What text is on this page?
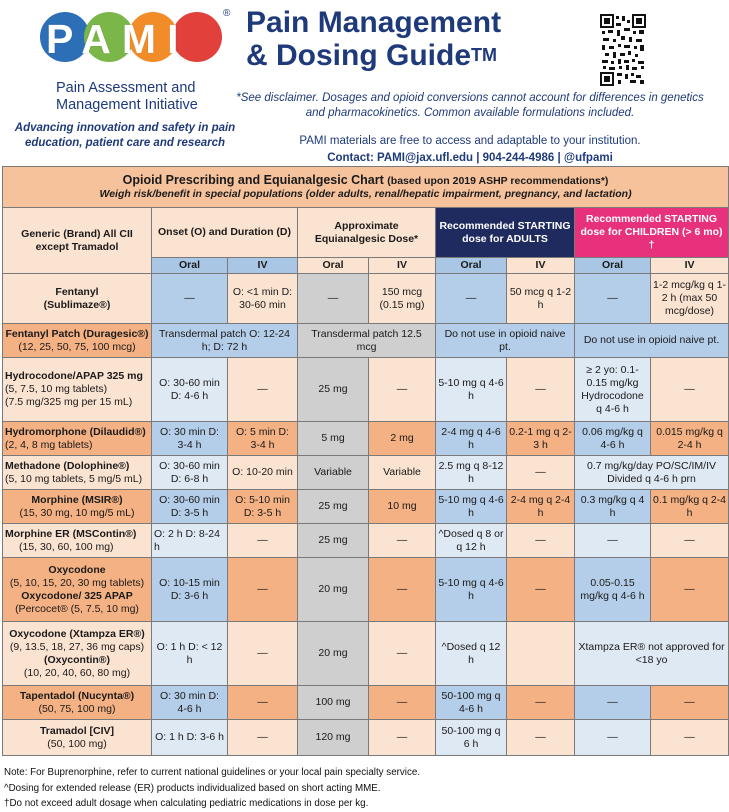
PAMI
®
Pain Assessment and
Management Initiative
Advancing innovation and safety in pain education, patient care and research
Pain Management
& Dosing Guide™
*See disclaimer. Dosages and opioid conversions cannot account for differences in genetics and pharmacokinetics. Common available formulations included.
PAMI materials are free to access and adaptable to your institution.
Contact: PAMI@jax.ufl.edu | 904-244-4986 | @ufpami
Opioid Prescribing and Equianalgesic Chart (based upon 2019 ASHP recommendations*)
Weigh risk/benefit in special populations (older adults, renal/hepatic impairment, pregnancy, and lactation)								

Generic (Brand) All CII except Tramadol	Onset (O) and Duration (D)		Approximate Equianalgesic Dose*		Recommended STARTING dose for ADULTS		Recommended STARTING dose for CHILDREN (> 6 mo) †	
	Oral	IV	Oral	IV	Oral	IV	Oral	IV

Fentanyl
(Sublimaze®)	—	O: <1 min D: 30-60 min	—	150 mcg (0.15 mg)	—	50 mcg q 1-2 h	—	1-2 mcg/kg q 1-2 h (max 50 mcg/dose)

Fentanyl Patch (Duragesic®)
(12, 25, 50, 75, 100 mcg)	Transdermal patch O: 12-24 h; D: 72 h		Transdermal patch 12.5 mcg		Do not use in opioid naive pt.		Do not use in opioid naive pt.	

Hydrocodone/APAP 325 mg
(5, 7.5, 10 mg tablets)
(7.5 mg/325 mg per 15 mL)	O: 30-60 min D: 4-6 h	—	25 mg	—	5-10 mg q 4-6 h	—	≥ 2 yo: 0.1-0.15 mg/kg Hydrocodone q 4-6 h	—

Hydromorphone (Dilaudid®)
(2, 4, 8 mg tablets)	O: 30 min D: 3-4 h	O: 5 min D: 3-4 h	5 mg	2 mg	2-4 mg q 4-6 h	0.2-1 mg q 2-3 h	0.06 mg/kg q 4-6 h	0.015 mg/kg q 2-4 h

Methadone (Dolophine®)
(5, 10 mg tablets, 5 mg/5 mL)	O: 30-60 min D: 6-8 h	O: 10-20 min	Variable	Variable	2.5 mg q 8-12 h	—	0.7 mg/kg/day PO/SC/IM/IV Divided q 4-6 h prn	

Morphine (MSIR®)
(15, 30 mg, 10 mg/5 mL)	O: 30-60 min D: 3-5 h	O: 5-10 min D: 3-5 h	25 mg	10 mg	5-10 mg q 4-6 h	2-4 mg q 2-4 h	0.3 mg/kg q 4 h	0.1 mg/kg q 2-4 h

Morphine ER (MSContin®)
(15, 30, 60, 100 mg)	O: 2 h D: 8-24 h	—	25 mg	—	^Dosed q 8 or q 12 h	—	—	—

Oxycodone
(5, 10, 15, 20, 30 mg tablets)
Oxycodone/ 325 APAP
(Percocet® (5, 7.5, 10 mg)	O: 10-15 min D: 3-6 h	—	20 mg	—	5-10 mg q 4-6 h	—	0.05-0.15 mg/kg q 4-6 h	—

Oxycodone (Xtampza ER®)
(9, 13.5, 18, 27, 36 mg caps)
(Oxycontin®)
(10, 20, 40, 60, 80 mg)	O: 1 h D: < 12 h	—	20 mg	—	^Dosed q 12 h		Xtampza ER® not approved for <18 yo	

Tapentadol (Nucynta®)
(50, 75, 100 mg)	O: 30 min D: 4-6 h	—	100 mg	—	50-100 mg q 4-6 h	—	—	—

Tramadol [CIV]
(50, 100 mg)	O: 1 h D: 3-6 h	—	120 mg	—	50-100 mg q 6 h	—	—	—
Note: For Buprenorphine, refer to current national guidelines or your local pain specialty service.
^Dosing for extended release (ER) products individualized based on short acting MME.
†Do not exceed adult dosage when calculating pediatric medications in dose per kg.
